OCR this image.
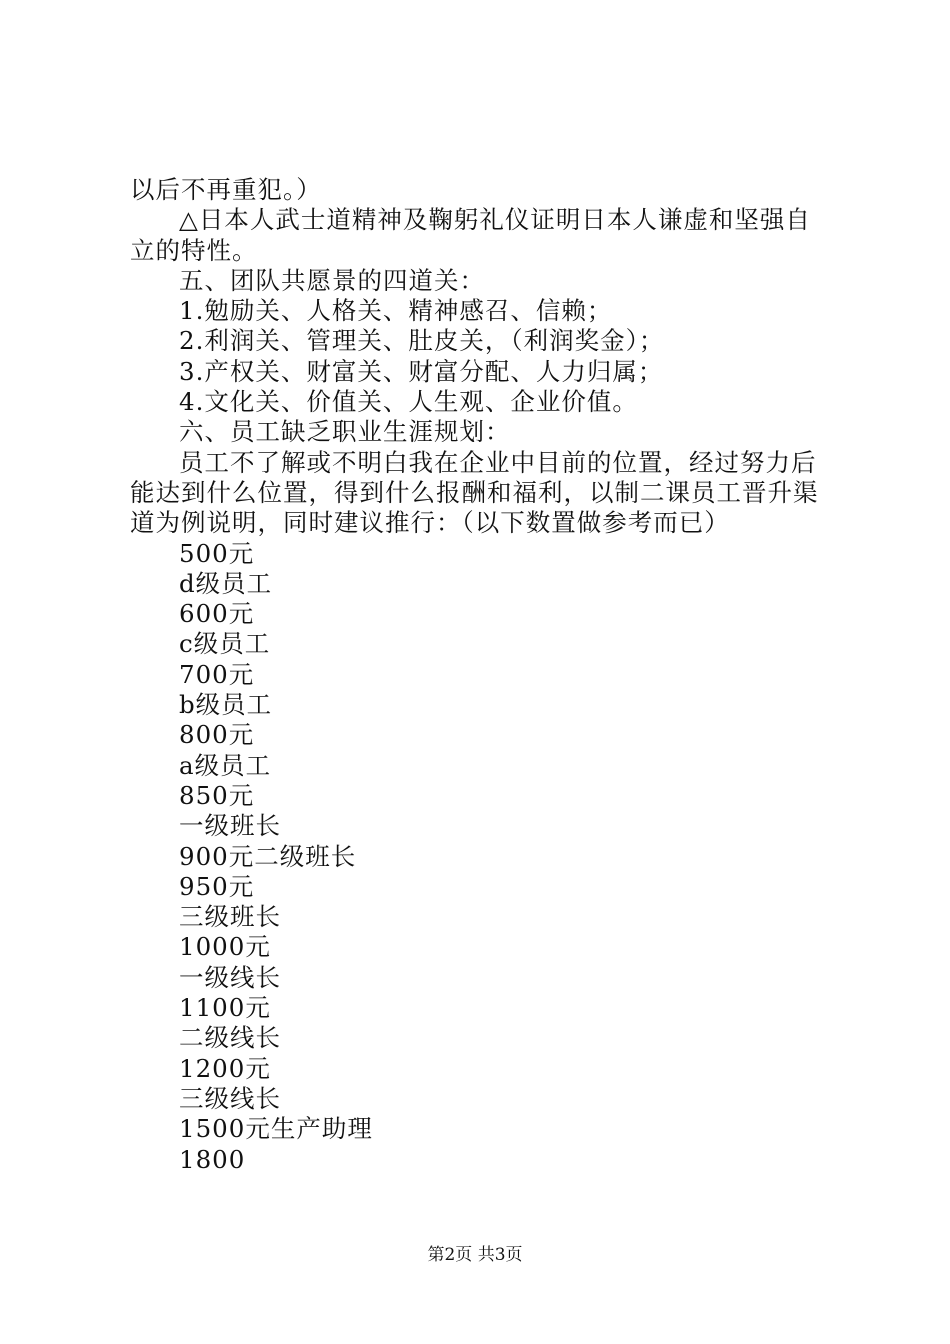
以后不再重犯。）

△日本人武士道精神及鞠躬礼仪证明日本人谦虚和坚强自立的特性。

五、团队共愿景的四道关：

1.勉励关、人格关、精神感召、信赖；

2.利润关、管理关、肚皮关，（利润奖金）；

3.产权关、财富关、财富分配、人力归属；

4.文化关、价值关、人生观、企业价值。

六、员工缺乏职业生涯规划：

员工不了解或不明白我在企业中目前的位置，经过努力后能达到什么位置，得到什么报酬和福利，以制二课员工晋升渠道为例说明，同时建议推行：（以下数置做参考而已）

500元
d级员工
600元
c级员工
700元
b级员工
800元
a级员工
850元
一级班长
900元二级班长
950元
三级班长
1000元
一级线长
1100元
二级线长
1200元
三级线长
1500元生产助理
1800
第2页 共3页
